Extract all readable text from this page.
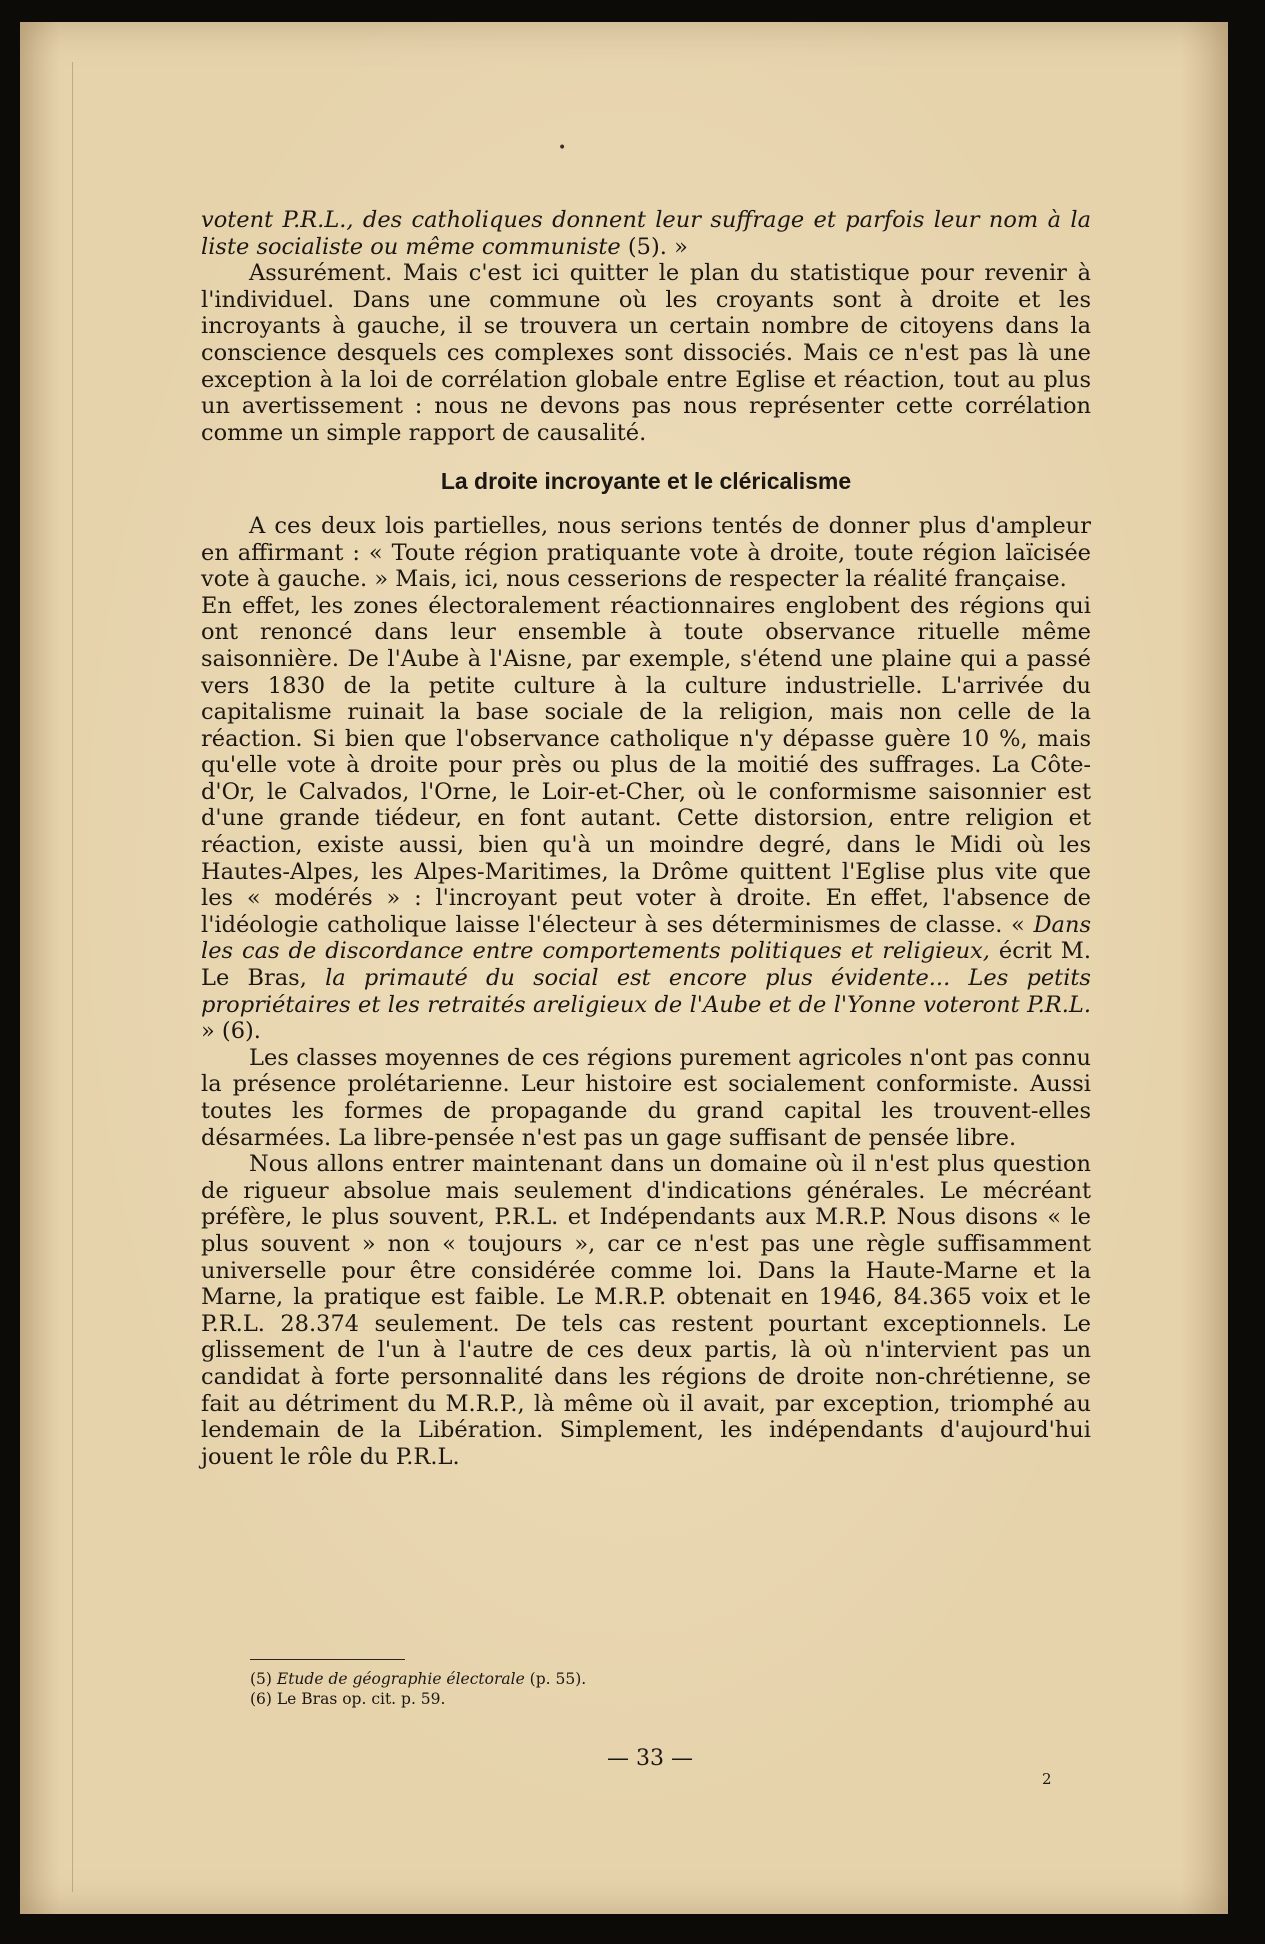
•

votent P.R.L., des catholiques donnent leur suffrage et parfois leur nom à la liste socialiste ou même communiste (5). »

Assurément. Mais c'est ici quitter le plan du statistique pour revenir à l'individuel. Dans une commune où les croyants sont à droite et les incroyants à gauche, il se trouvera un certain nombre de citoyens dans la conscience desquels ces complexes sont dissociés. Mais ce n'est pas là une exception à la loi de corrélation globale entre Eglise et réaction, tout au plus un avertissement : nous ne devons pas nous représenter cette corrélation comme un simple rapport de causalité.

La droite incroyante et le cléricalisme

A ces deux lois partielles, nous serions tentés de donner plus d'ampleur en affirmant : « Toute région pratiquante vote à droite, toute région laïcisée vote à gauche. » Mais, ici, nous cesserions de respecter la réalité française.

En effet, les zones électoralement réactionnaires englobent des régions qui ont renoncé dans leur ensemble à toute observance rituelle même saisonnière. De l'Aube à l'Aisne, par exemple, s'étend une plaine qui a passé vers 1830 de la petite culture à la culture industrielle. L'arrivée du capitalisme ruinait la base sociale de la religion, mais non celle de la réaction. Si bien que l'observance catholique n'y dépasse guère 10 %, mais qu'elle vote à droite pour près ou plus de la moitié des suffrages. La Côte-d'Or, le Calvados, l'Orne, le Loir-et-Cher, où le conformisme saisonnier est d'une grande tiédeur, en font autant. Cette distorsion, entre religion et réaction, existe aussi, bien qu'à un moindre degré, dans le Midi où les Hautes-Alpes, les Alpes-Maritimes, la Drôme quittent l'Eglise plus vite que les « modérés » : l'incroyant peut voter à droite. En effet, l'absence de l'idéologie catholique laisse l'électeur à ses déterminismes de classe. « Dans les cas de discordance entre comportements politiques et religieux, écrit M. Le Bras, la primauté du social est encore plus évidente... Les petits propriétaires et les retraités areligieux de l'Aube et de l'Yonne voteront P.R.L. » (6).

Les classes moyennes de ces régions purement agricoles n'ont pas connu la présence prolétarienne. Leur histoire est socialement conformiste. Aussi toutes les formes de propagande du grand capital les trouvent-elles désarmées. La libre-pensée n'est pas un gage suffisant de pensée libre.

Nous allons entrer maintenant dans un domaine où il n'est plus question de rigueur absolue mais seulement d'indications générales. Le mécréant préfère, le plus souvent, P.R.L. et Indépendants aux M.R.P. Nous disons « le plus souvent » non « toujours », car ce n'est pas une règle suffisamment universelle pour être considérée comme loi. Dans la Haute-Marne et la Marne, la pratique est faible. Le M.R.P. obtenait en 1946, 84.365 voix et le P.R.L. 28.374 seulement. De tels cas restent pourtant exceptionnels. Le glissement de l'un à l'autre de ces deux partis, là où n'intervient pas un candidat à forte personnalité dans les régions de droite non-chrétienne, se fait au détriment du M.R.P., là même où il avait, par exception, triomphé au lendemain de la Libération. Simplement, les indépendants d'aujourd'hui jouent le rôle du P.R.L.

(5) Etude de géographie électorale (p. 55).
(6) Le Bras op. cit. p. 59.
— 33 —
2
